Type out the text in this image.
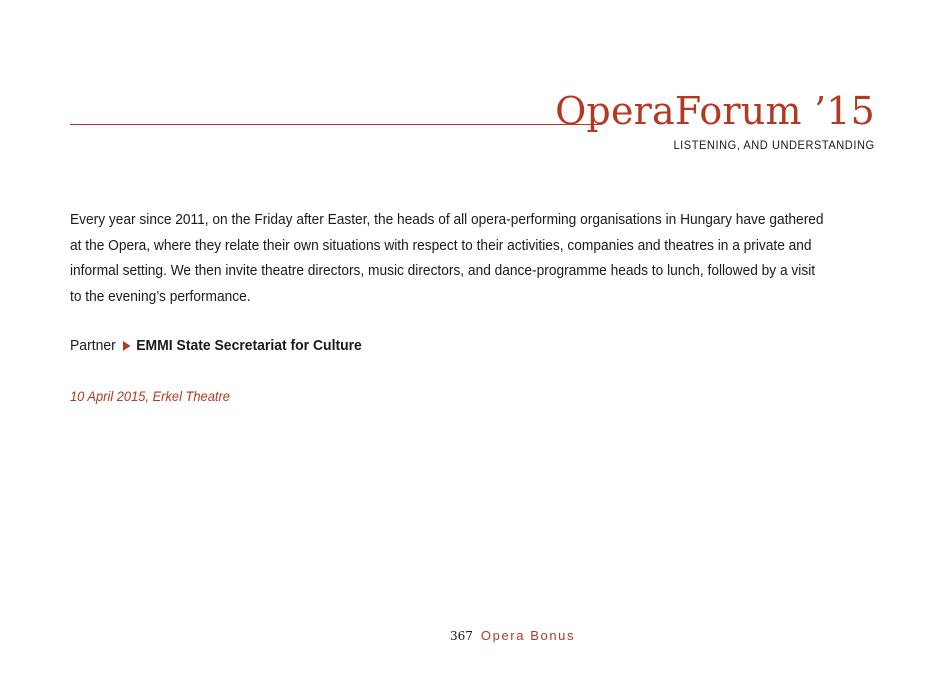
OperaForum ’15
LISTENING, AND UNDERSTANDING

Every year since 2011, on the Friday after Easter, the heads of all opera-performing organisations in Hungary have gathered at the Opera, where they relate their own situations with respect to their activities, companies and theatres in a private and informal setting. We then invite theatre directors, music directors, and dance-programme heads to lunch, followed by a visit to the evening’s performance.

Partner EMMI State Secretariat for Culture
10 April 2015, Erkel Theatre
367 Opera Bonus
